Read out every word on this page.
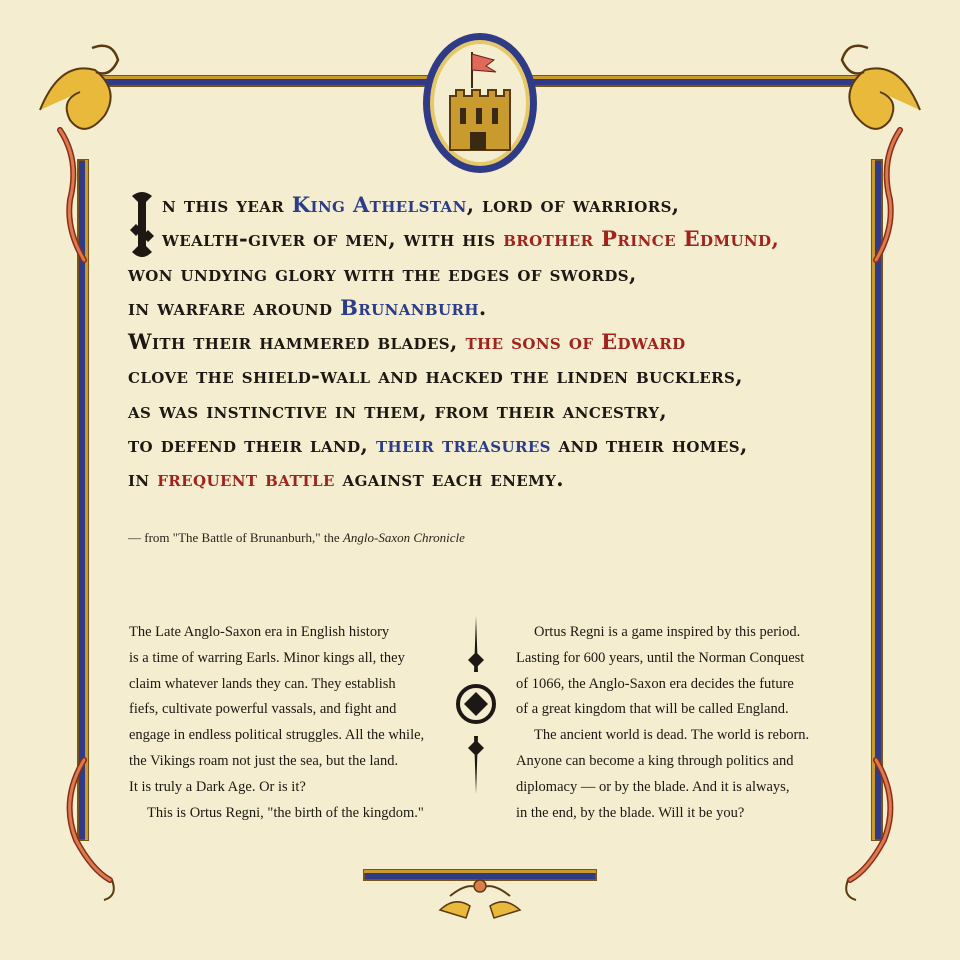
n this year King Athelstan, lord of warriors,
wealth-giver of men, with his brother Prince Edmund,
won undying glory with the edges of swords,
in warfare around Brunanburh.
With their hammered blades, the sons of Edward
clove the shield-wall and hacked the linden bucklers,
as was instinctive in them, from their ancestry,
to defend their land, their treasures and their homes,
in frequent battle against each enemy.
— from "The Battle of Brunanburh," the Anglo-Saxon Chronicle
The Late Anglo-Saxon era in English history
is a time of warring Earls. Minor kings all, they
claim whatever lands they can. They establish
fiefs, cultivate powerful vassals, and fight and
engage in endless political struggles. All the while,
the Vikings roam not just the sea, but the land.
It is truly a Dark Age. Or is it?
This is Ortus Regni, "the birth of the kingdom."
Ortus Regni is a game inspired by this period.
Lasting for 600 years, until the Norman Conquest
of 1066, the Anglo-Saxon era decides the future
of a great kingdom that will be called England.
The ancient world is dead. The world is reborn.
Anyone can become a king through politics and
diplomacy — or by the blade. And it is always,
in the end, by the blade. Will it be you?
